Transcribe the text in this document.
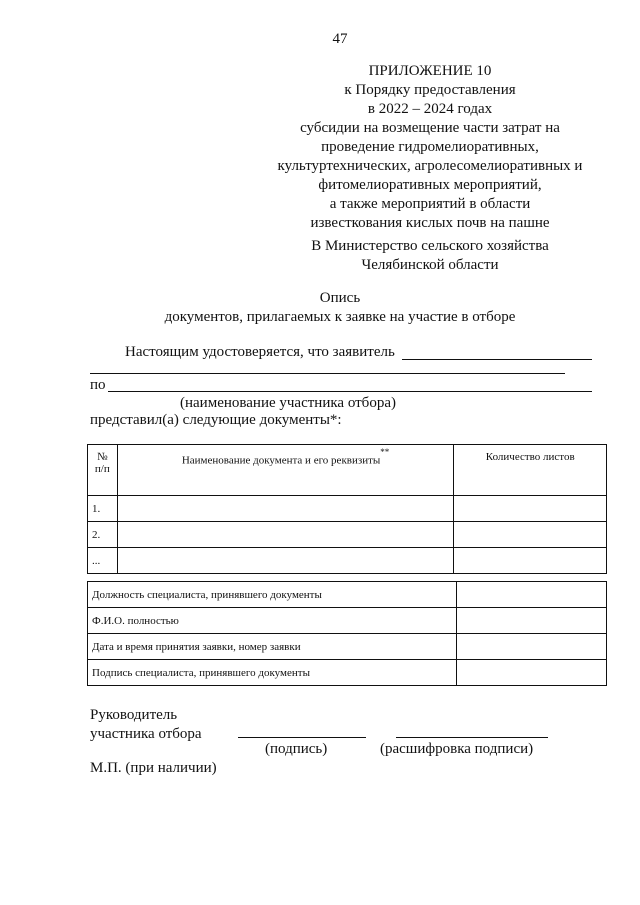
47
ПРИЛОЖЕНИЕ 10
к Порядку предоставления
в 2022 – 2024 годах
субсидии на возмещение части затрат на
проведение гидромелиоративных,
культуртехнических, агролесомелиоративных и
фитомелиоративных мероприятий,
а также мероприятий в области
известкования кислых почв на пашне
В Министерство сельского хозяйства
Челябинской области
Опись
документов, прилагаемых к заявке на участие в отборе
Настоящим удостоверяется, что заявитель
по
(наименование участника отбора)
представил(а) следующие документы*:
№ п/п	Наименование документа и его реквизиты**	Количество листов
1.		
2.		
...		
Должность специалиста, принявшего документы	
Ф.И.О. полностью	
Дата и время принятия заявки, номер заявки	
Подпись специалиста, принявшего документы	
Руководитель
участника отбора
(подпись)	(расшифровка подписи)
М.П. (при наличии)
